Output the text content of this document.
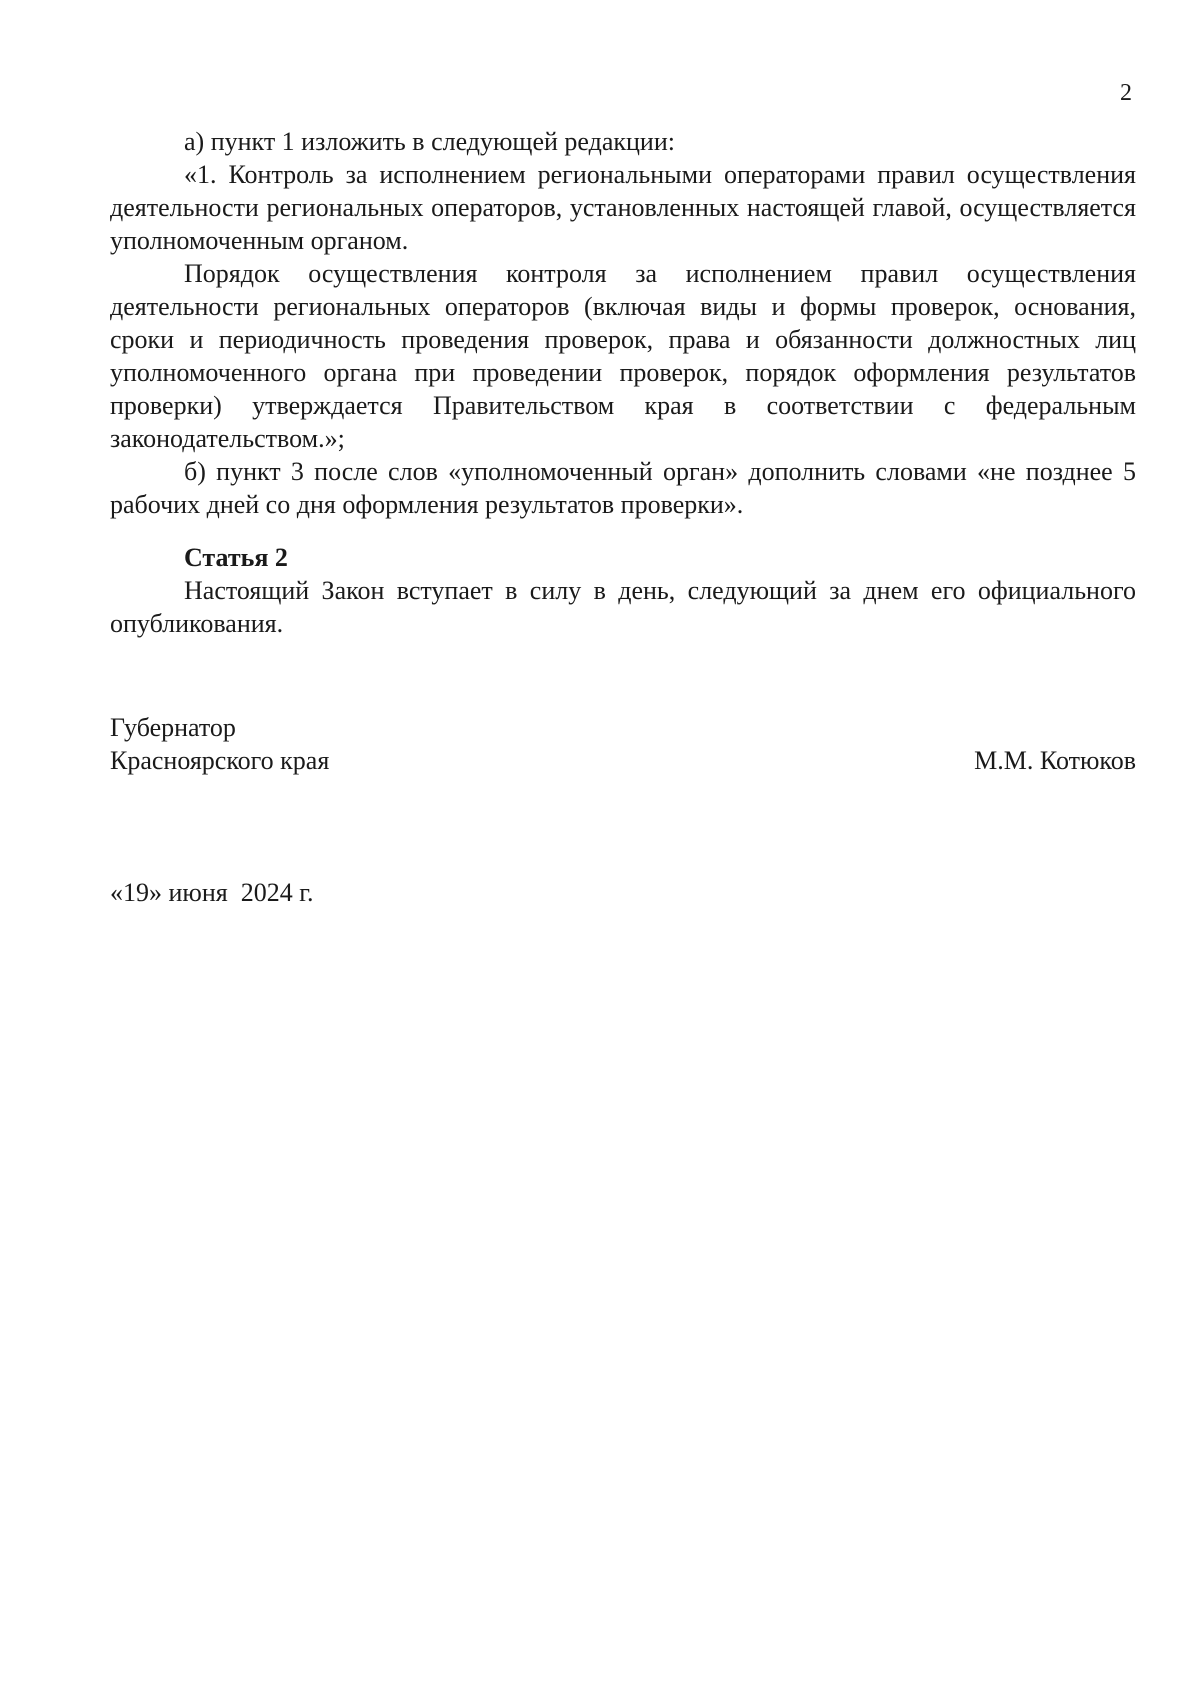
2

а) пункт 1 изложить в следующей редакции:

«1. Контроль за исполнением региональными операторами правил осуществления деятельности региональных операторов, установленных настоящей главой, осуществляется уполномоченным органом.

Порядок осуществления контроля за исполнением правил осуществления деятельности региональных операторов (включая виды и формы проверок, основания, сроки и периодичность проведения проверок, права и обязанности должностных лиц уполномоченного органа при проведении проверок, порядок оформления результатов проверки) утверждается Правительством края в соответствии с федеральным законодательством.»;

б) пункт 3 после слов «уполномоченный орган» дополнить словами «не позднее 5 рабочих дней со дня оформления результатов проверки».

Статья 2

Настоящий Закон вступает в силу в день, следующий за днем его официального опубликования.

Губернатор
Красноярского края	М.М. Котюков
«19» июня  2024 г.
